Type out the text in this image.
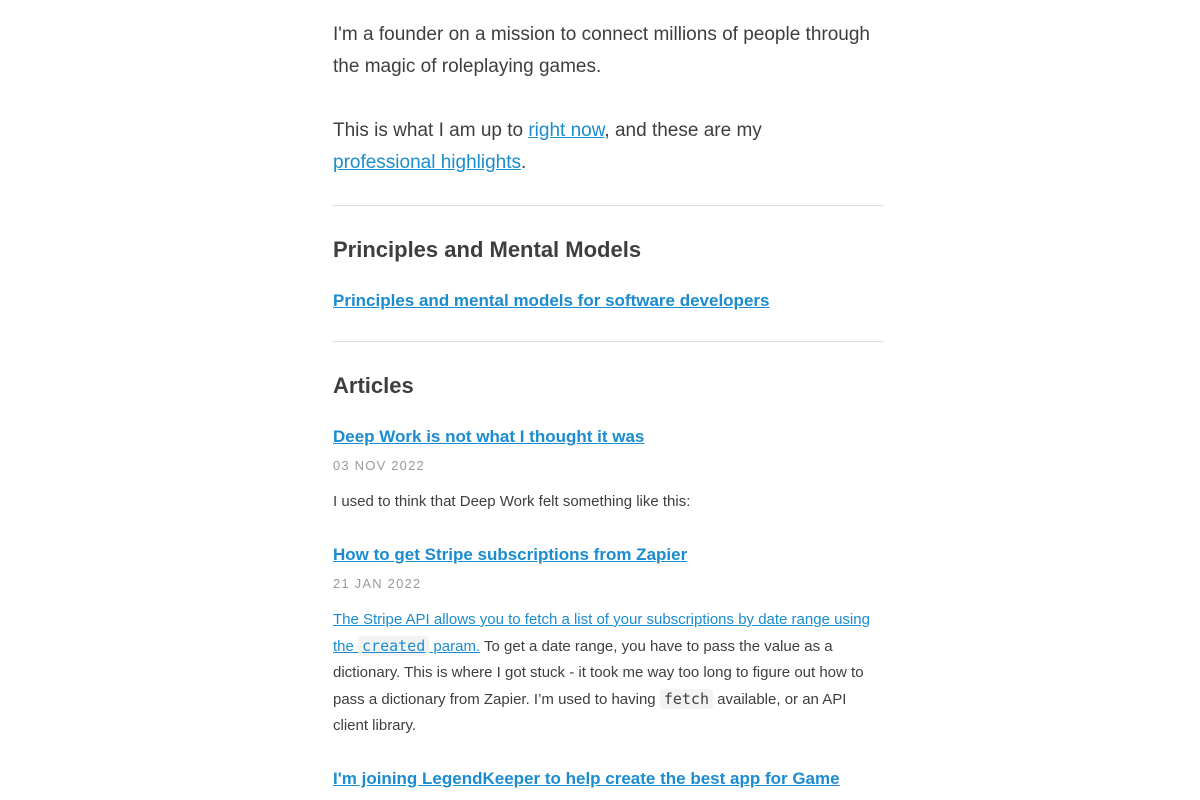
I'm a founder on a mission to connect millions of people through the magic of roleplaying games.

This is what I am up to right now, and these are my
professional highlights.

Principles and Mental Models
Principles and mental models for software developers
Articles
Deep Work is not what I thought it was
03 NOV 2022

I used to think that Deep Work felt something like this:

How to get Stripe subscriptions from Zapier
21 JAN 2022

The Stripe API allows you to fetch a list of your subscriptions by date range using the created param. To get a date range, you have to pass the value as a dictionary. This is where I got stuck - it took me way too long to figure out how to pass a dictionary from Zapier. I’m used to having fetch available, or an API client library.

I'm joining LegendKeeper to help create the best app for Game
